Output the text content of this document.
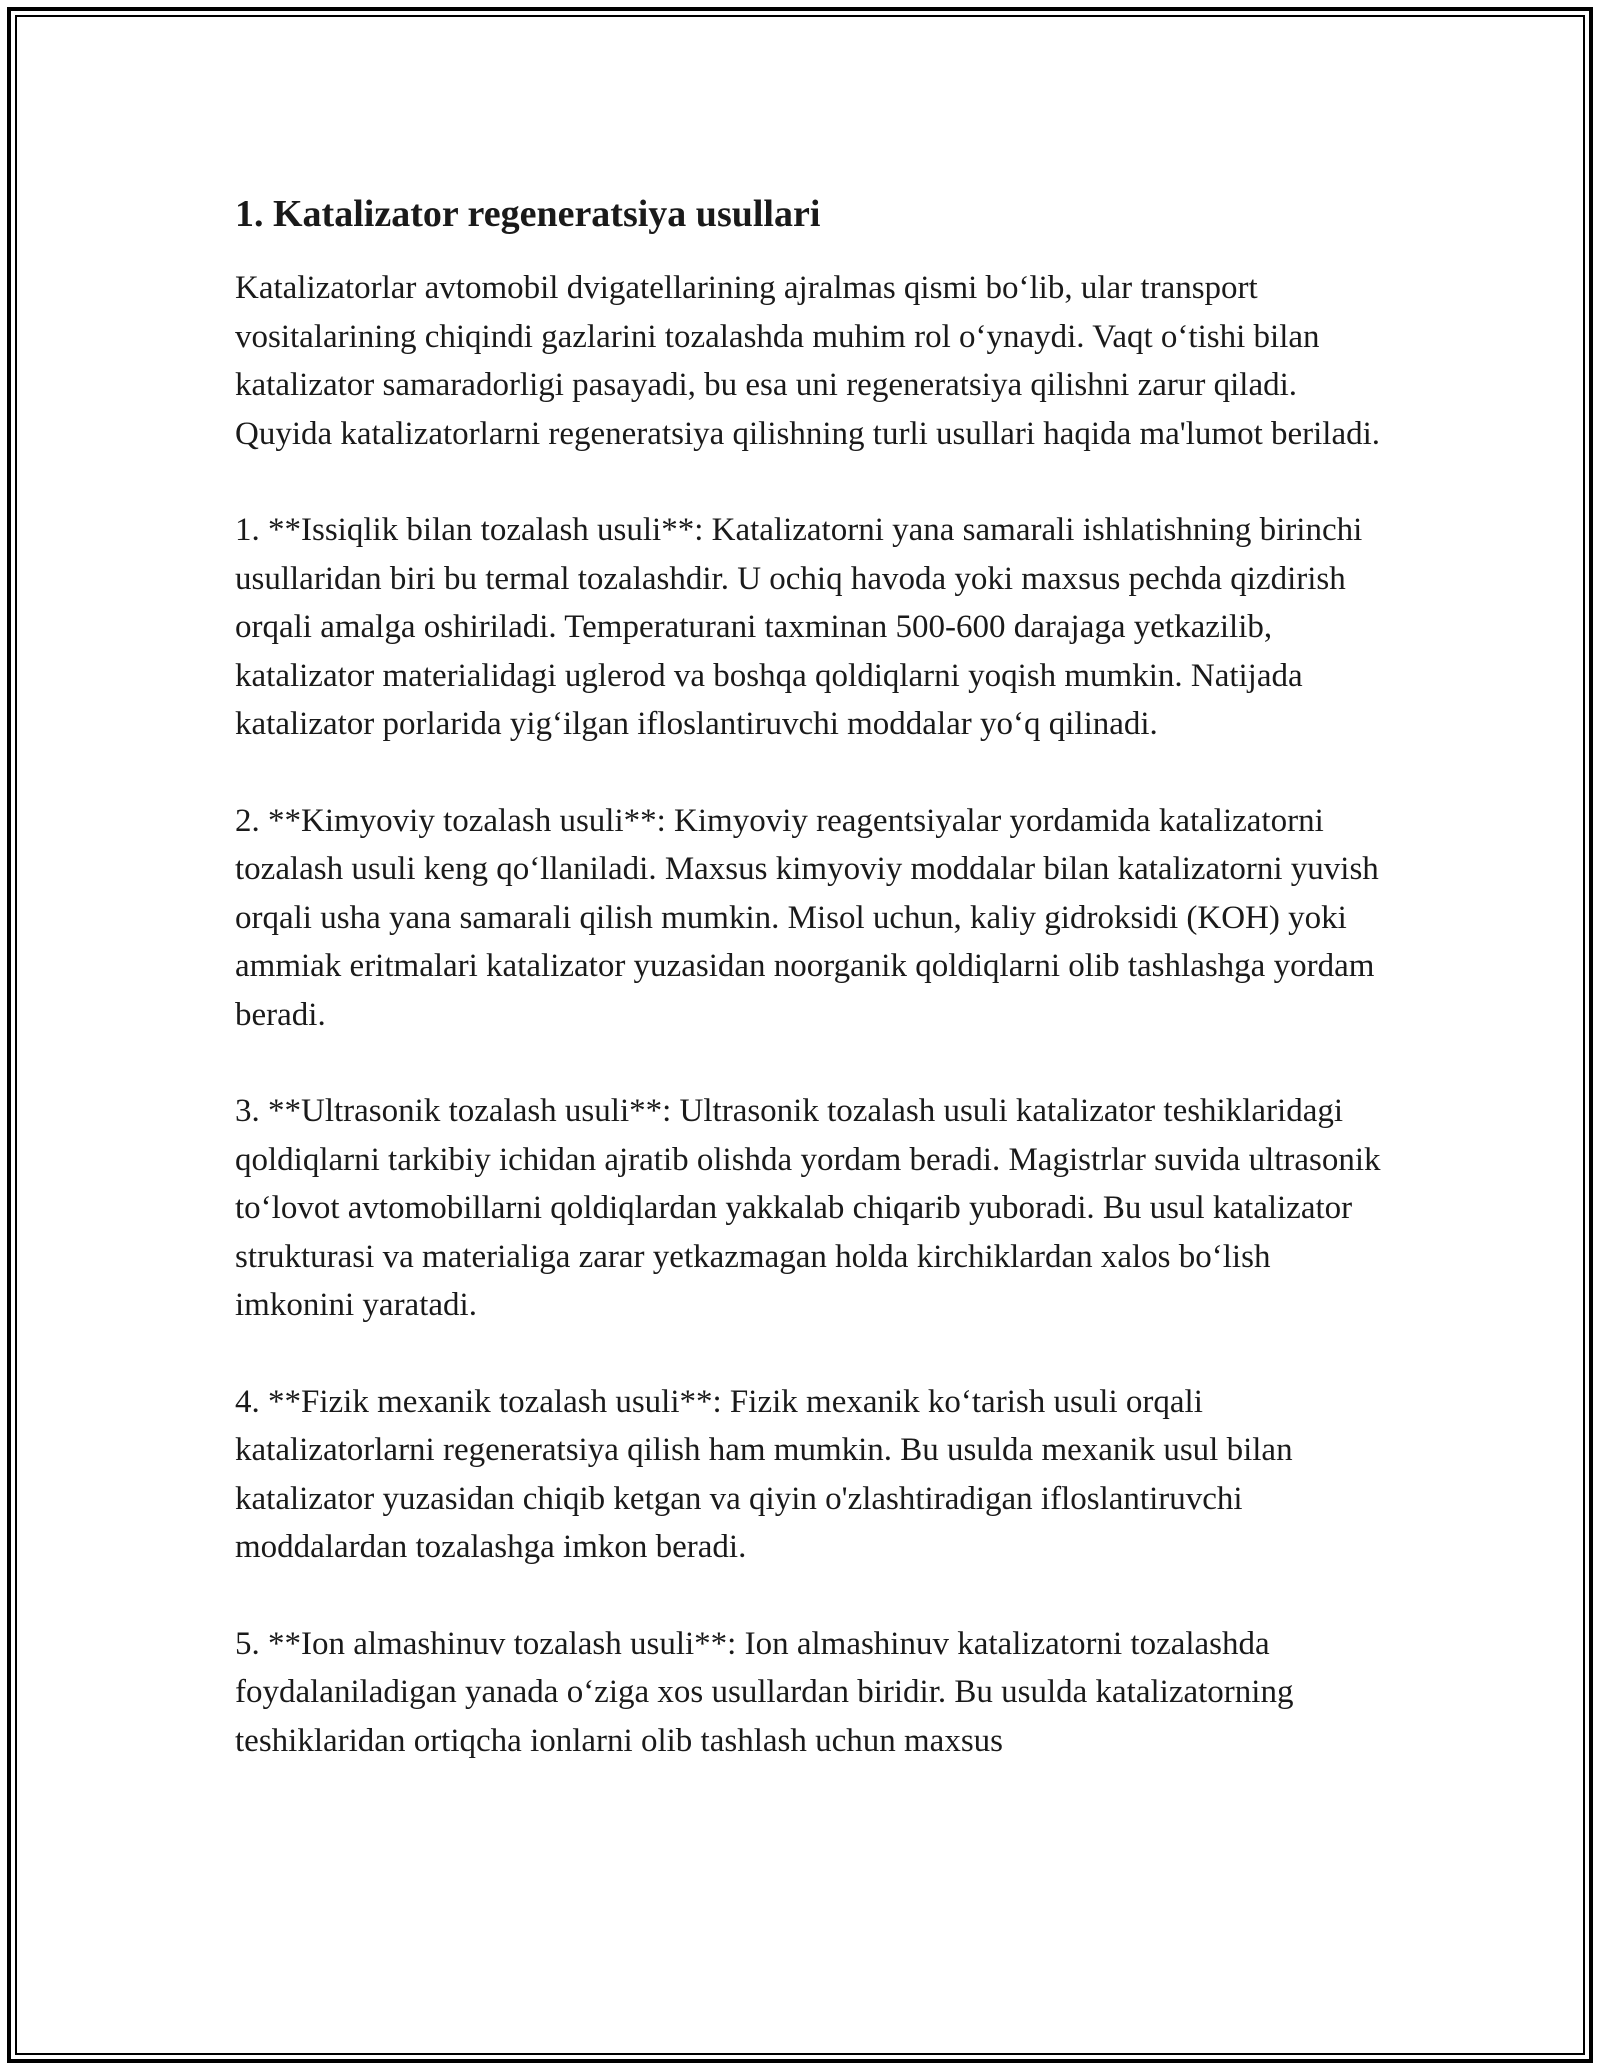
1. Katalizator regeneratsiya usullari

Katalizatorlar avtomobil dvigatellarining ajralmas qismi bo‘lib, ular transport vositalarining chiqindi gazlarini tozalashda muhim rol o‘ynaydi. Vaqt o‘tishi bilan katalizator samaradorligi pasayadi, bu esa uni regeneratsiya qilishni zarur qiladi. Quyida katalizatorlarni regeneratsiya qilishning turli usullari haqida ma'lumot beriladi.

1. **Issiqlik bilan tozalash usuli**: Katalizatorni yana samarali ishlatishning birinchi usullaridan biri bu termal tozalashdir. U ochiq havoda yoki maxsus pechda qizdirish orqali amalga oshiriladi. Temperaturani taxminan 500-600 darajaga yetkazilib, katalizator materialidagi uglerod va boshqa qoldiqlarni yoqish mumkin. Natijada katalizator porlarida yig‘ilgan ifloslantiruvchi moddalar yo‘q qilinadi.

2. **Kimyoviy tozalash usuli**: Kimyoviy reagentsiyalar yordamida katalizatorni tozalash usuli keng qo‘llaniladi. Maxsus kimyoviy moddalar bilan katalizatorni yuvish orqali usha yana samarali qilish mumkin. Misol uchun, kaliy gidroksidi (KOH) yoki ammiak eritmalari katalizator yuzasidan noorganik qoldiqlarni olib tashlashga yordam beradi.

3. **Ultrasonik tozalash usuli**: Ultrasonik tozalash usuli katalizator teshiklaridagi qoldiqlarni tarkibiy ichidan ajratib olishda yordam beradi. Magistrlar suvida ultrasonik to‘lovot avtomobillarni qoldiqlardan yakkalab chiqarib yuboradi. Bu usul katalizator strukturasi va materialiga zarar yetkazmagan holda kirchiklardan xalos bo‘lish imkonini yaratadi.

4. **Fizik mexanik tozalash usuli**: Fizik mexanik ko‘tarish usuli orqali katalizatorlarni regeneratsiya qilish ham mumkin. Bu usulda mexanik usul bilan katalizator yuzasidan chiqib ketgan va qiyin o'zlashtiradigan ifloslantiruvchi moddalardan tozalashga imkon beradi.

5. **Ion almashinuv tozalash usuli**: Ion almashinuv katalizatorni tozalashda foydalaniladigan yanada o‘ziga xos usullardan biridir. Bu usulda katalizatorning teshiklaridan ortiqcha ionlarni olib tashlash uchun maxsus
